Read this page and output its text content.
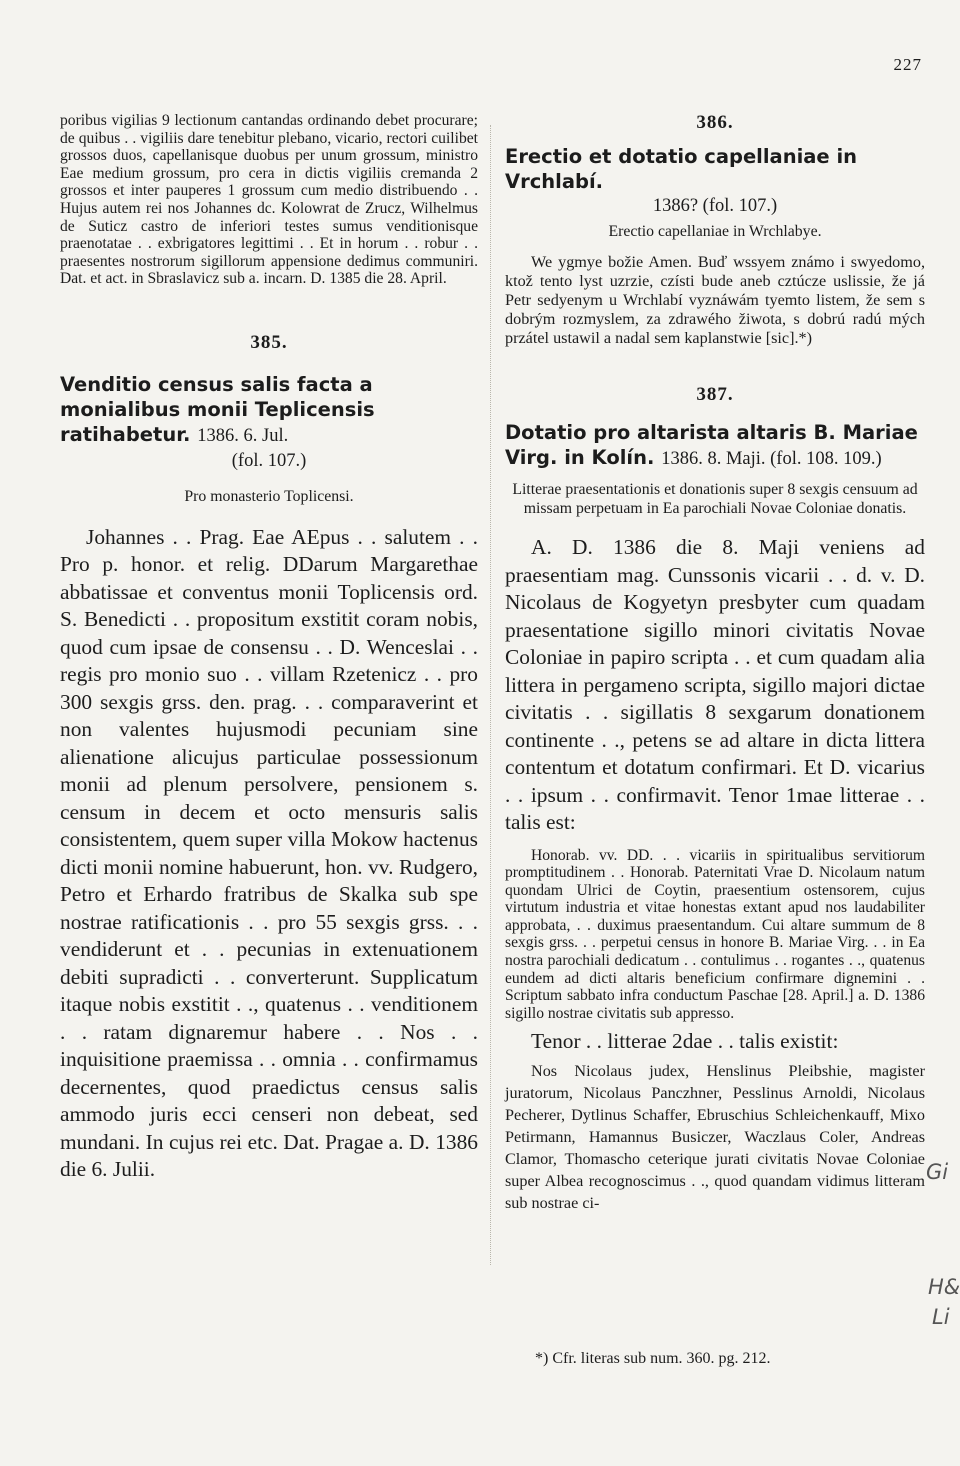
227

poribus vigilias 9 lectionum cantandas ordinando debet procurare; de quibus . . vigiliis dare tenebitur plebano, vicario, rectori cuilibet grossos duos, capellanisque duobus per unum grossum, ministro Eae medium grossum, pro cera in dictis vigiliis cremanda 2 grossos et inter pauperes 1 grossum cum medio distribuendo . . Hujus autem rei nos Johannes dc. Kolowrat de Zrucz, Wilhelmus de Suticz castro de inferiori testes sumus venditionisque praenotatae . . exbrigatores legittimi . . Et in horum . . robur . . praesentes nostrorum sigillorum appensione dedimus communiri. Dat. et act. in Sbraslavicz sub a. incarn. D. 1385 die 28. April.

385.

Venditio census salis facta a monialibus monii Teplicensis ratihabetur. 1386. 6. Jul.

(fol. 107.)
Pro monasterio Toplicensi.

Johannes . . Prag. Eae AEpus . . salutem . . Pro p. honor. et relig. DDarum Margarethae abbatissae et conventus monii Toplicensis ord. S. Benedicti . . propositum exstitit coram nobis, quod cum ipsae de consensu . . D. Wenceslai . . regis pro monio suo . . villam Rzetenicz . . pro 300 sexgis grss. den. prag. . . comparaverint et non valentes hujusmodi pecuniam sine alienatione alicujus particulae possessionum monii ad plenum persolvere, pensionem s. censum in decem et octo mensuris salis consistentem, quem super villa Mokow hactenus dicti monii nomine habuerunt, hon. vv. Rudgero, Petro et Erhardo fratribus de Skalka sub spe nostrae ratificationis . . pro 55 sexgis grss. . . vendiderunt et . . pecunias in extenuationem debiti supradicti . . converterunt. Supplicatum itaque nobis exstitit . ., quatenus . . venditionem . . ratam dignaremur habere . . Nos . . inquisitione praemissa . . omnia . . confirmamus decernentes, quod praedictus census salis ammodo juris ecci censeri non debeat, sed mundani. In cujus rei etc. Dat. Pragae a. D. 1386 die 6. Julii.

386.

Erectio et dotatio capellaniae in Vrchlabí.

1386? (fol. 107.)
Erectio capellaniae in Wrchlabye.

We ygmye božie Amen. Buď wssyem známo i swyedomo, ktož tento lyst uzrzie, czísti bude aneb cztúcze uslissie, že já Petr sedyenym u Wrchlabí vyznáwám tyemto listem, že sem s dobrým rozmyslem, za zdrawého žiwota, s dobrú radú mých przátel ustawil a nadal sem kaplanstwie [sic].*)

387.

Dotatio pro altarista altaris B. Mariae Virg. in Kolín. 1386. 8. Maji. (fol. 108. 109.)

Litterae praesentationis et donationis super 8 sexgis censuum ad missam perpetuam in Ea parochiali Novae Coloniae donatis.

A. D. 1386 die 8. Maji veniens ad praesentiam mag. Cunssonis vicarii . . d. v. D. Nicolaus de Kogyetyn presbyter cum quadam praesentatione sigillo minori civitatis Novae Coloniae in papiro scripta . . et cum quadam alia littera in pergameno scripta, sigillo majori dictae civitatis . . sigillatis 8 sexgarum donationem continente . ., petens se ad altare in dicta littera contentum et dotatum confirmari. Et D. vicarius . . ipsum . . confirmavit. Tenor 1mae litterae . . talis est:

Honorab. vv. DD. . . vicariis in spiritualibus servitiorum promptitudinem . . Honorab. Paternitati Vrae D. Nicolaum natum quondam Ulrici de Coytin, praesentium ostensorem, cujus virtutum industria et vitae honestas extant apud nos laudabiliter approbata, . . duximus praesentandum. Cui altare summum de 8 sexgis grss. . . perpetui census in honore B. Mariae Virg. . . in Ea nostra parochiali dedicatum . . contulimus . . rogantes . ., quatenus eundem ad dicti altaris beneficium confirmare dignemini . . Scriptum sabbato infra conductum Paschae [28. April.] a. D. 1386 sigillo nostrae civitatis sub appresso.

Tenor . . litterae 2dae . . talis existit:

Nos Nicolaus judex, Henslinus Pleibshie, magister juratorum, Nicolaus Panczhner, Pesslinus Arnoldi, Nicolaus Pecherer, Dytlinus Schaffer, Ebruschius Schleichenkauff, Mixo Petirmann, Hamannus Busiczer, Waczlaus Coler, Andreas Clamor, Thomascho ceterique jurati civitatis Novae Coloniae super Albea recognoscimus . ., quod quandam vidimus litteram sub nostrae ci-

*) Cfr. literas sub num. 360. pg. 212.
Gi
H&
Li
